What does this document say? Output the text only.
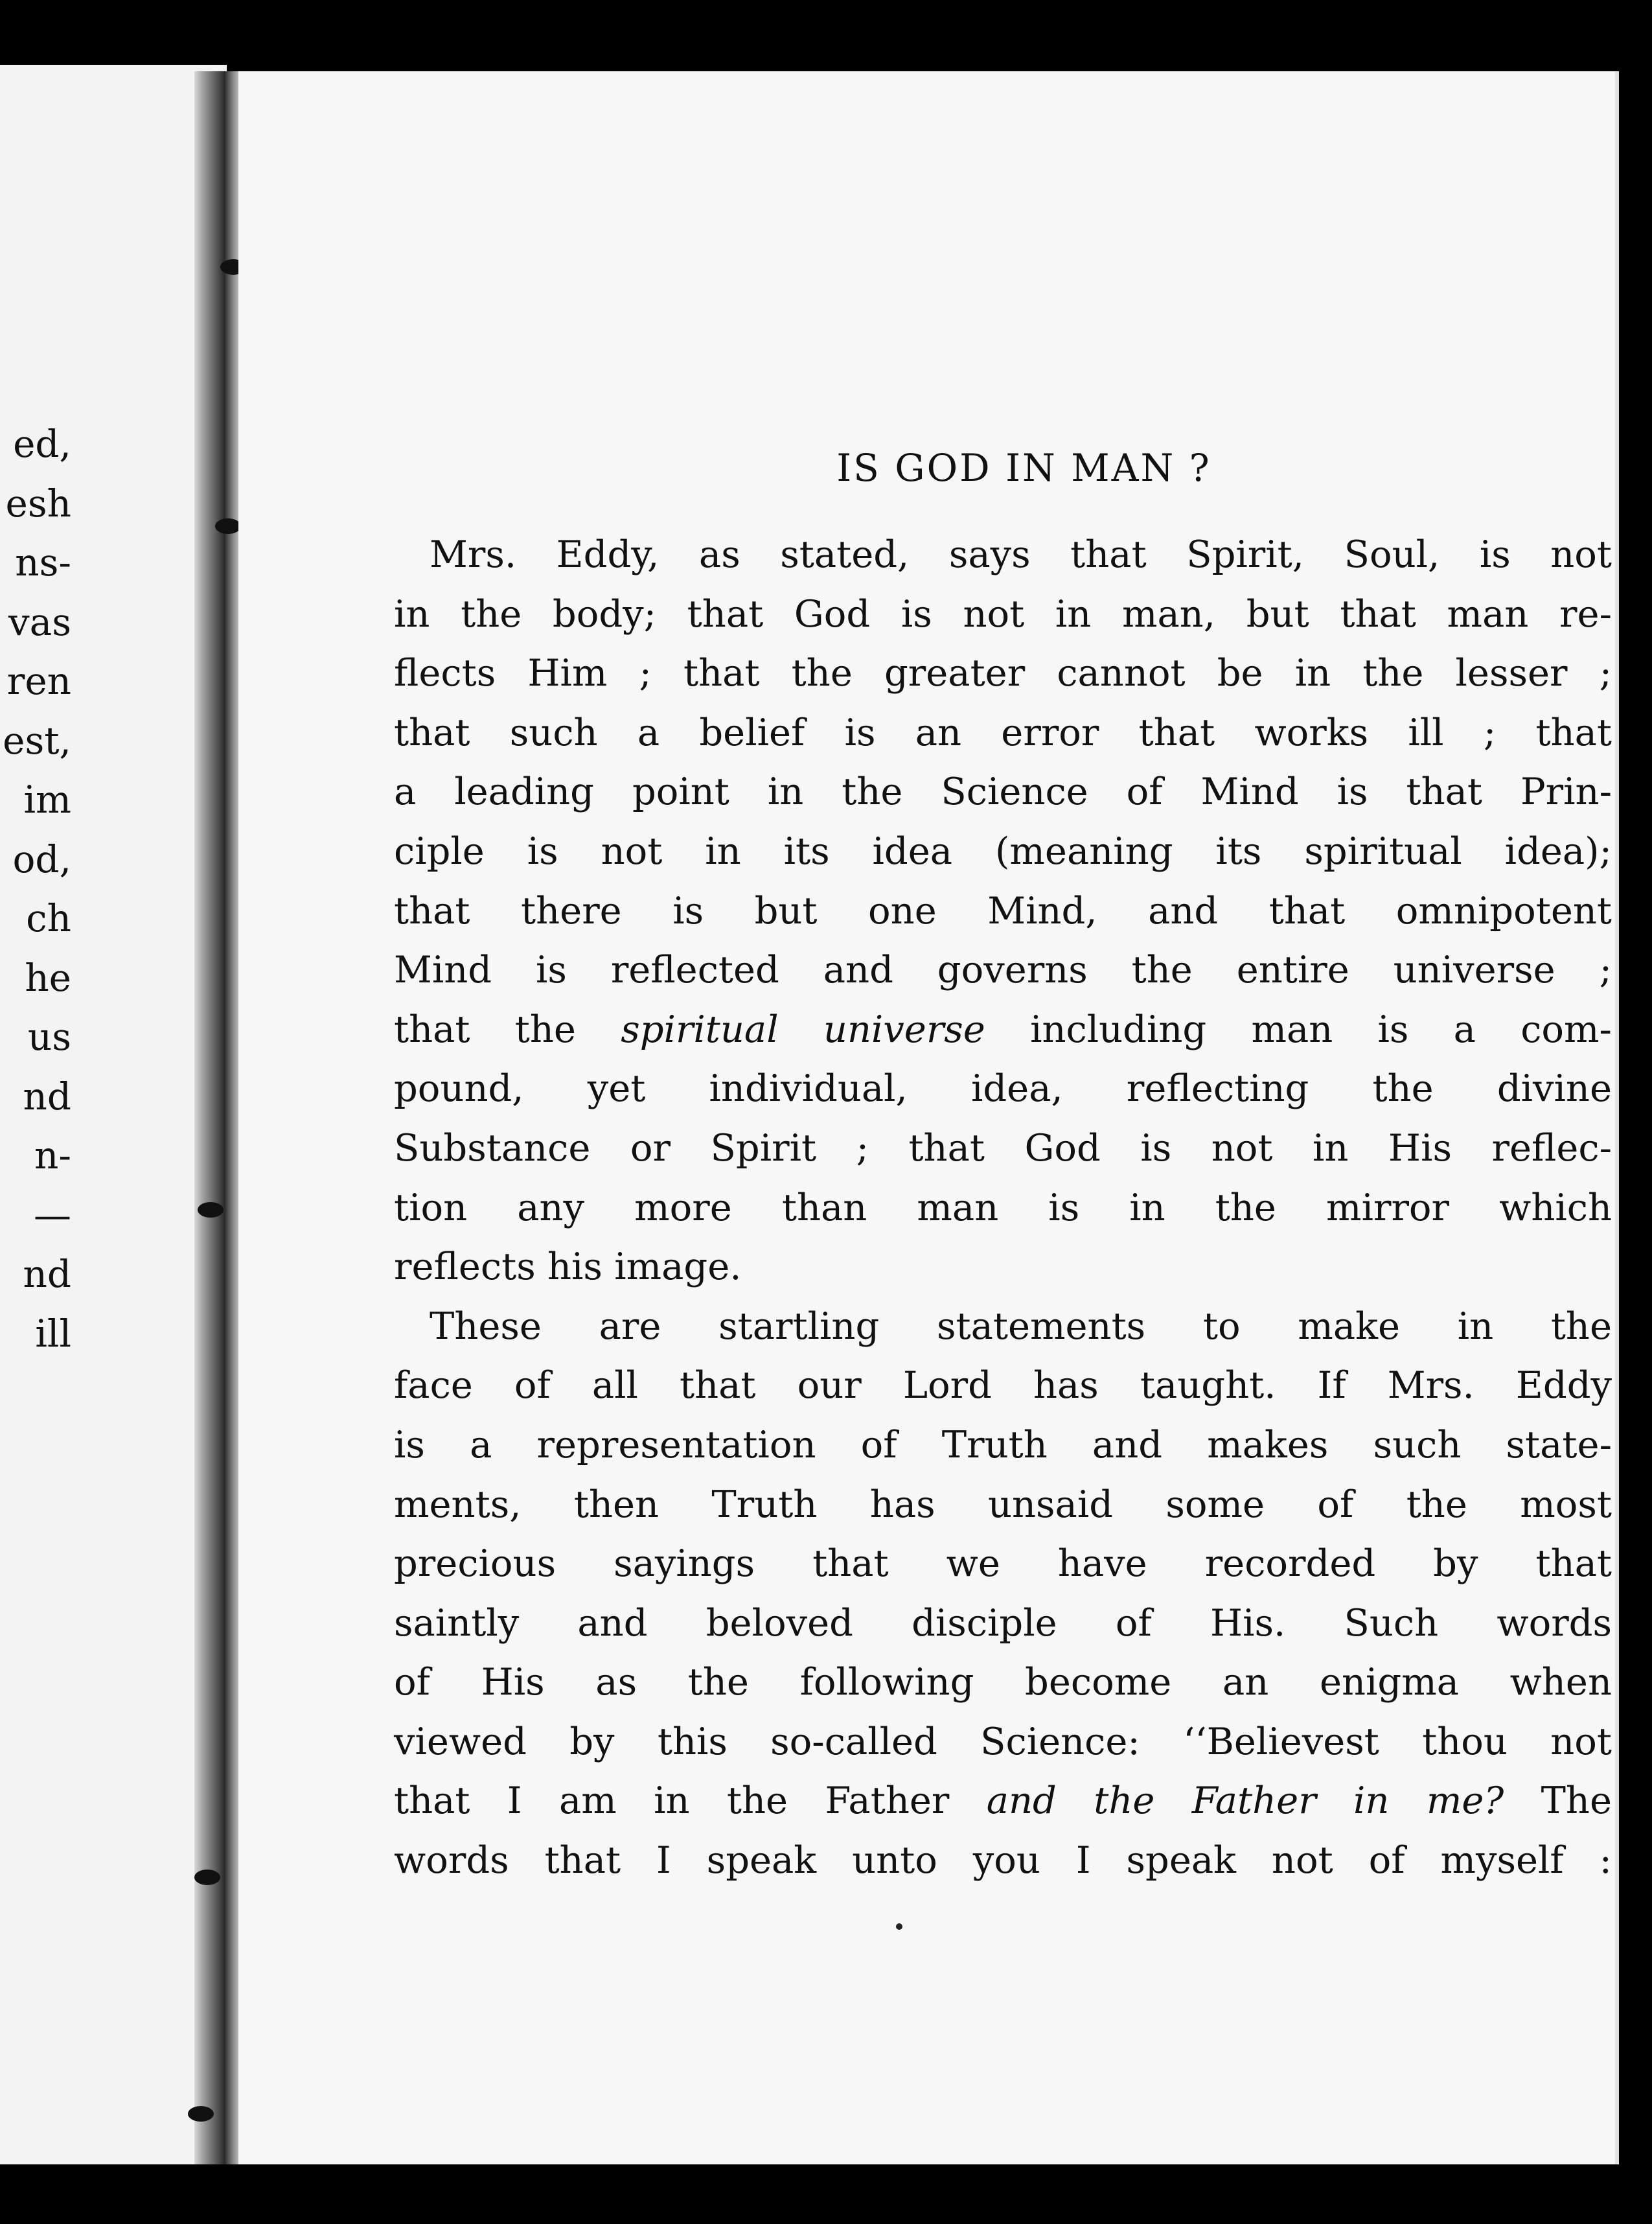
ed,
esh
ns-
vas
ren
est,
im
od,
ch
he
us
nd
n-
—
nd
ill
IS GOD IN MAN ?
Mrs. Eddy, as stated, says that Spirit, Soul, is not
in the body; that God is not in man, but that man re-
flects Him ; that the greater cannot be in the lesser ;
that such a belief is an error that works ill ; that
a leading point in the Science of Mind is that Prin-
ciple is not in its idea (meaning its spiritual idea);
that there is but one Mind, and that omnipotent
Mind is reflected and governs the entire universe ;
that the spiritual universe including man is a com-
pound, yet individual, idea, reflecting the divine
Substance or Spirit ; that God is not in His reflec-
tion any more than man is in the mirror which
reflects his image.
These are startling statements to make in the
face of all that our Lord has taught. If Mrs. Eddy
is a representation of Truth and makes such state-
ments, then Truth has unsaid some of the most
precious sayings that we have recorded by that
saintly and beloved disciple of His. Such words
of His as the following become an enigma when
viewed by this so-called Science: ‘‘Believest thou not
that I am in the Father and the Father in me? The
words that I speak unto you I speak not of myself :
